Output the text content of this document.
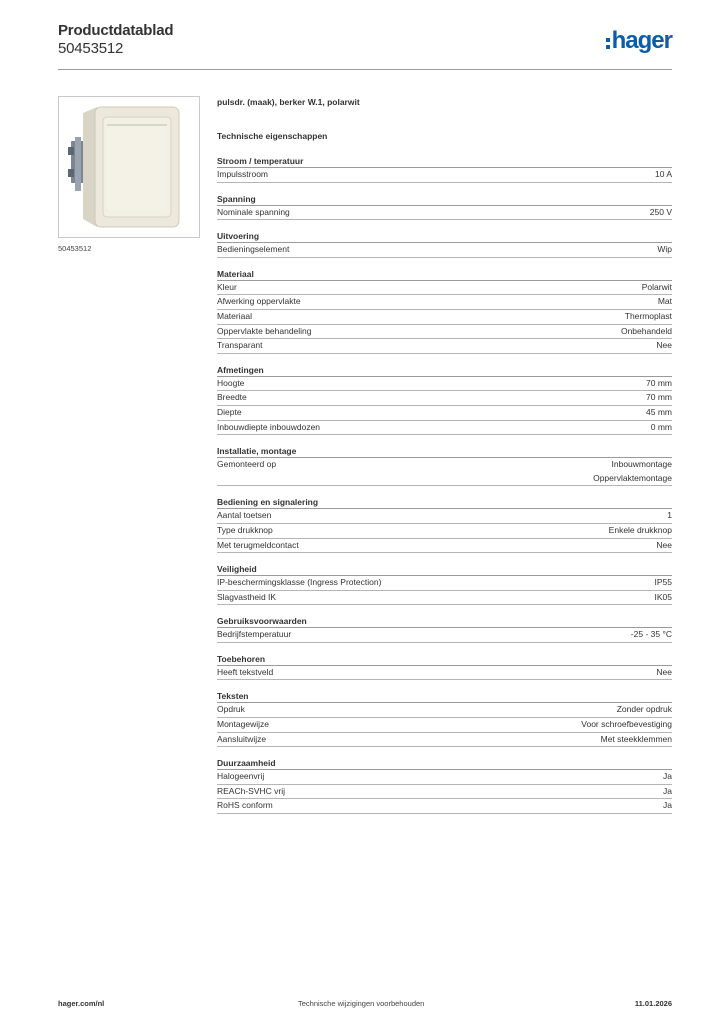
Productdatablad
50453512	hager
50453512
pulsdr. (maak), berker W.1, polarwit
Technische eigenschappen
Stroom / temperatuur
Impulsstroom	10 A
Spanning
Nominale spanning	250 V
Uitvoering
Bedieningselement	Wip
Materiaal
Kleur	Polarwit
Afwerking oppervlakte	Mat
Materiaal	Thermoplast
Oppervlakte behandeling	Onbehandeld
Transparant	Nee
Afmetingen
Hoogte	70 mm
Breedte	70 mm
Diepte	45 mm
Inbouwdiepte inbouwdozen	0 mm
Installatie, montage
Gemonteerd op	Inbouwmontage
Oppervlaktemontage
Bediening en signalering
Aantal toetsen	1
Type drukknop	Enkele drukknop
Met terugmeldcontact	Nee
Veiligheid
IP-beschermingsklasse (Ingress Protection)	IP55
Slagvastheid IK	IK05
Gebruiksvoorwaarden
Bedrijfstemperatuur	-25 - 35 °C
Toebehoren
Heeft tekstveld	Nee
Teksten
Opdruk	Zonder opdruk
Montagewijze	Voor schroefbevestiging
Aansluitwijze	Met steekklemmen
Duurzaamheid
Halogeenvrij	Ja
REACh-SVHC vrij	Ja
RoHS conform	Ja
hager.com/nl	Technische wijzigingen voorbehouden	11.01.2026
